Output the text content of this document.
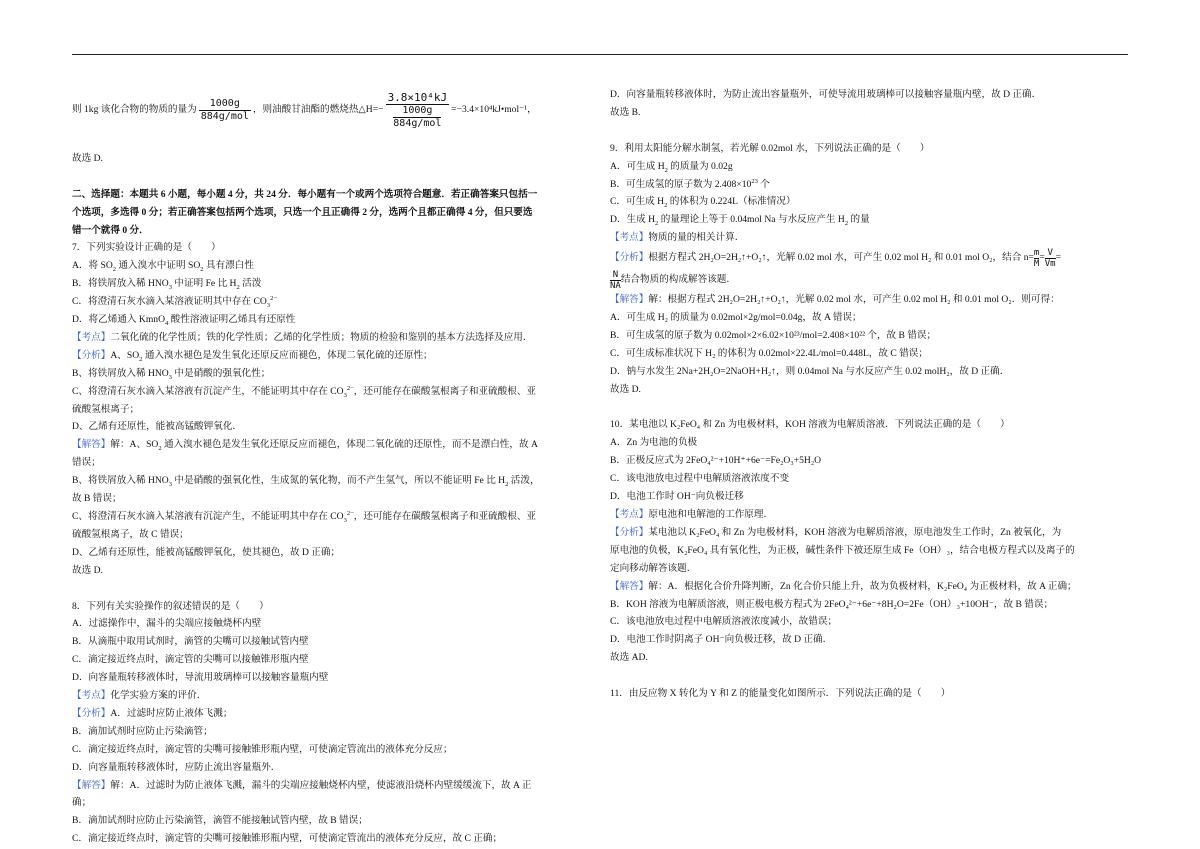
则 1kg 该化合物的物质的量为 $\frac{1000g}{\text{884g/mol}}$ ，则油酸甘油酯的燃烧热△H=− 3.8×10⁴kJ
1000g
884g/mol =−3.4×10⁴kJ•mol⁻¹，
故选 D.
二、选择题：本题共 6 小题，每小题 4 分，共 24 分．每小题有一个或两个选项符合题意．若正确答案只包括一
个选项，多选得 0 分；若正确答案包括两个选项，只选一个且正确得 2 分，选两个且都正确得 4 分，但只要选
错一个就得 0 分．
7．下列实验设计正确的是（　　）
A．将 $SO_2$ 通入溴水中证明 $SO_2$ 具有漂白性
B．将铁屑放入稀 $HNO_3$ 中证明 Fe 比 $H_2$ 活泼
C．将澄清石灰水滴入某溶液证明其中存在 $CO_3^{2-}$
D．将乙烯通入 KmnO$_4$ 酸性溶液证明乙烯具有还原性
【考点】二氧化硫的化学性质；铁的化学性质；乙烯的化学性质；物质的检验和鉴别的基本方法选择及应用．
【分析】A、$SO_2$ 通入溴水褪色是发生氧化还原反应而褪色，体现二氧化硫的还原性；
B、将铁屑放入稀 $HNO_3$ 中是硝酸的强氧化性；
C、将澄清石灰水滴入某溶液有沉淀产生，不能证明其中存在 $CO_3^{2-}$，还可能存在碳酸氢根离子和亚硫酸根、亚
硫酸氢根离子；
D、乙烯有还原性，能被高锰酸钾氧化．
【解答】解：A、$SO_2$ 通入溴水褪色是发生氧化还原反应而褪色，体现二氧化硫的还原性，而不是漂白性，故 A
错误；
B、将铁屑放入稀 $HNO_3$ 中是硝酸的强氧化性，生成氮的氧化物，而不产生氢气，所以不能证明 Fe 比 $H_2$ 活泼，
故 B 错误；
C、将澄清石灰水滴入某溶液有沉淀产生，不能证明其中存在 $CO_3^{2-}$，还可能存在碳酸氢根离子和亚硫酸根、亚
硫酸氢根离子，故 C 错误；
D、乙烯有还原性，能被高锰酸钾氧化，使其褪色，故 D 正确；
故选 D.
8．下列有关实验操作的叙述错误的是（　　）
A．过滤操作中，漏斗的尖端应接触烧杯内壁
B．从滴瓶中取用试剂时，滴管的尖嘴可以接触试管内壁
C．滴定接近终点时，滴定管的尖嘴可以接触锥形瓶内壁
D．向容量瓶转移液体时，导流用玻璃棒可以接触容量瓶内壁
【考点】化学实验方案的评价．
【分析】A．过滤时应防止液体飞溅；
B．滴加试剂时应防止污染滴管；
C．滴定接近终点时，滴定管的尖嘴可接触锥形瓶内壁，可使滴定管流出的液体充分反应；
D．向容量瓶转移液体时，应防止流出容量瓶外．
【解答】解：A．过滤时为防止液体飞溅，漏斗的尖端应接触烧杯内壁，使滤液沿烧杯内壁缓缓流下，故 A 正
确；
B．滴加试剂时应防止污染滴管，滴管不能接触试管内壁，故 B 错误；
C．滴定接近终点时，滴定管的尖嘴可接触锥形瓶内壁，可使滴定管流出的液体充分反应，故 C 正确；
D．向容量瓶转移液体时，为防止流出容量瓶外，可使导流用玻璃棒可以接触容量瓶内壁，故 D 正确．
故选 B.
9．利用太阳能分解水制氢，若光解 0.02mol 水，下列说法正确的是（　　）
A．可生成 $H_2$ 的质量为 0.02g
B．可生成氢的原子数为 $2.408\times 10^{23}$ 个
C．可生成 $H_2$ 的体积为 0.224L（标准情况）
D．生成 $H_2$ 的量理论上等于 0.04mol Na 与水反应产生 $H_2$ 的量
【考点】物质的量的相关计算．
【分析】 根据方程式 2H₂O=2H₂↑+O₂↑，光解 0.02 mol 水，可产生 0.02 mol H₂ 和 0.01 mol O₂，结合 $n= \frac{m}{M} = \frac{V}{Vm}$ =
$\frac{N}{NA}$ 结合物质的构成解答该题．
【解答】解：根据方程式 2H₂O=2H₂↑+O₂↑，光解 0.02 mol 水，可产生 0.02 mol H₂ 和 0.01 mol O₂．则可得：
A．可生成 H₂ 的质量为 0.02mol×2g/mol=0.04g，故 A 错误；
B．可生成氢的原子数为 0.02mol×2×6.02×10²³/mol=2.408×10²² 个，故 B 错误；
C．可生成标准状况下 H₂ 的体积为 0.02mol×22.4L/mol=0.448L，故 C 错误；
D．钠与水发生 2Na+2H₂O=2NaOH+H₂↑，则 0.04mol Na 与水反应产生 0.02 molH₂，故 D 正确．
故选 D.
10．某电池以 K₂FeO₄ 和 Zn 为电极材料，KOH 溶液为电解质溶液．下列说法正确的是（　　）
A．Zn 为电池的负极
B．正极反应式为 2FeO₄²⁻+10H⁺+6e⁻=Fe₂O₃+5H₂O
C．该电池放电过程中电解质溶液浓度不变
D．电池工作时 OH⁻向负极迁移
【考点】原电池和电解池的工作原理．
【分析】某电池以 K₂FeO₄ 和 Zn 为电极材料，KOH 溶液为电解质溶液，原电池发生工作时，Zn 被氧化，为
原电池的负极，K₂FeO₄ 具有氧化性，为正极，碱性条件下被还原生成 Fe（OH）₃，结合电极方程式以及离子的
定向移动解答该题．
【解答】解：A．根据化合价升降判断，Zn 化合价只能上升，故为负极材料，K₂FeO₄ 为正极材料，故 A 正确；
B．KOH 溶液为电解质溶液，则正极电极方程式为 2FeO₄²⁻+6e⁻+8H₂O=2Fe（OH）₃+10OH⁻，故 B 错误；
C．该电池放电过程中电解质溶液浓度减小，故错误；
D．电池工作时阴离子 OH⁻向负极迁移，故 D 正确．
故选 AD.
11．由反应物 X 转化为 Y 和 Z 的能量变化如图所示．下列说法正确的是（　　）
